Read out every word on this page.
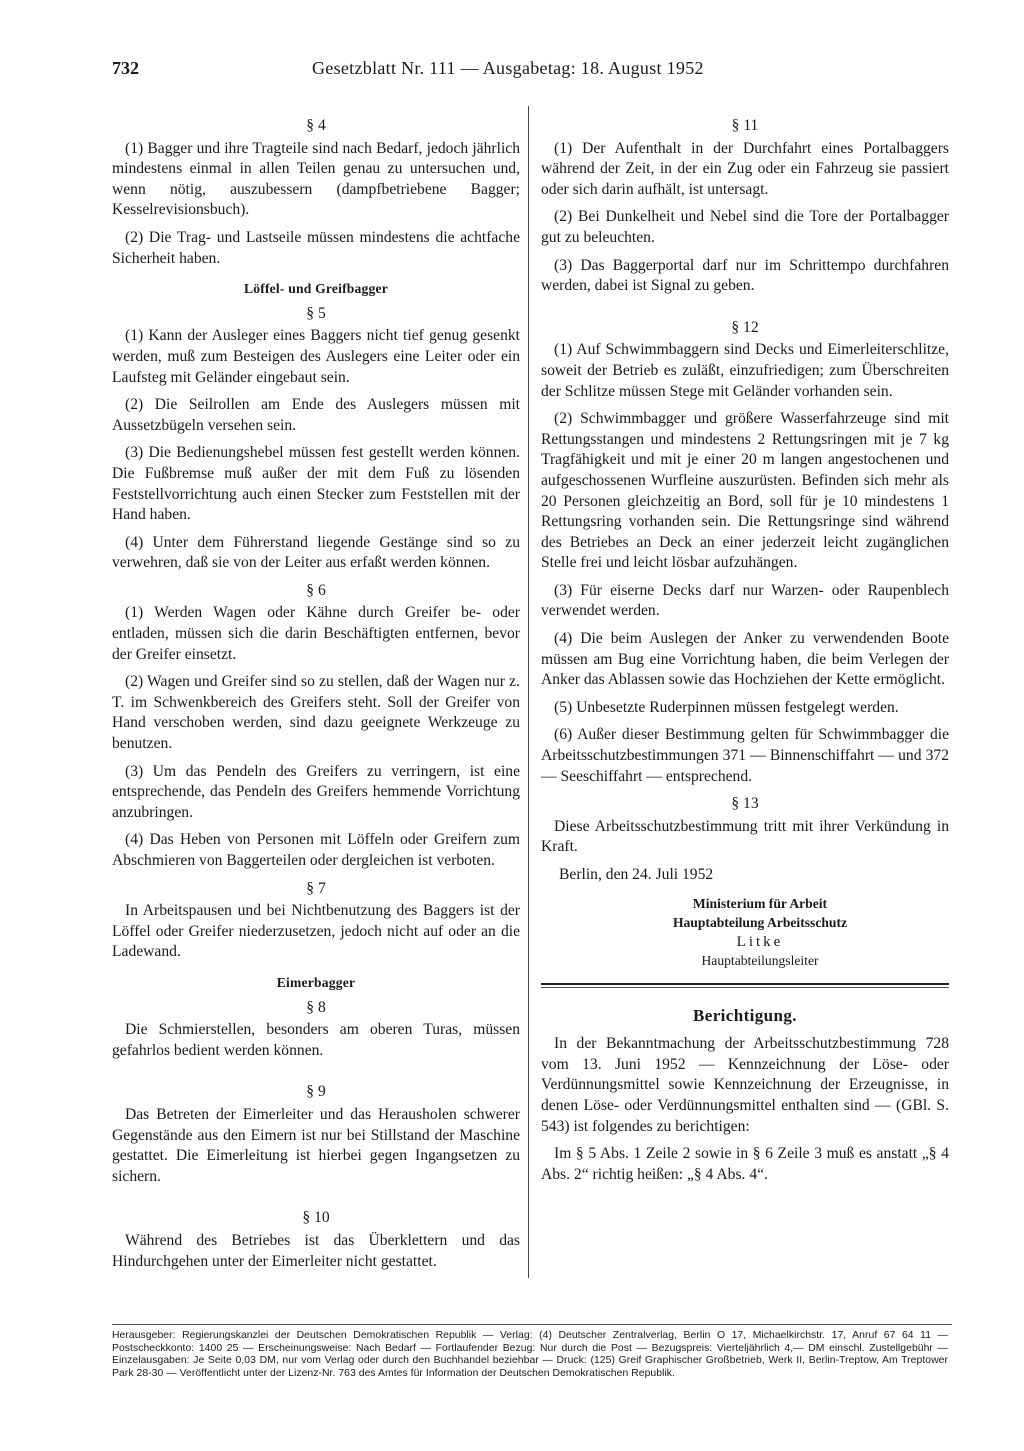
732	Gesetzblatt Nr. 111 — Ausgabetag: 18. August 1952
§ 4

(1) Bagger und ihre Tragteile sind nach Bedarf, jedoch jährlich mindestens einmal in allen Teilen genau zu untersuchen und, wenn nötig, auszubessern (dampfbetriebene Bagger; Kesselrevisionsbuch).

(2) Die Trag- und Lastseile müssen mindestens die achtfache Sicherheit haben.

Löffel- und Greifbagger
§ 5

(1) Kann der Ausleger eines Baggers nicht tief genug gesenkt werden, muß zum Besteigen des Auslegers eine Leiter oder ein Laufsteg mit Geländer eingebaut sein.

(2) Die Seilrollen am Ende des Auslegers müssen mit Aussetzbügeln versehen sein.

(3) Die Bedienungshebel müssen fest gestellt werden können. Die Fußbremse muß außer der mit dem Fuß zu lösenden Feststellvorrichtung auch einen Stecker zum Feststellen mit der Hand haben.

(4) Unter dem Führerstand liegende Gestänge sind so zu verwehren, daß sie von der Leiter aus erfaßt werden können.

§ 6

(1) Werden Wagen oder Kähne durch Greifer be- oder entladen, müssen sich die darin Beschäftigten entfernen, bevor der Greifer einsetzt.

(2) Wagen und Greifer sind so zu stellen, daß der Wagen nur z. T. im Schwenkbereich des Greifers steht. Soll der Greifer von Hand verschoben werden, sind dazu geeignete Werkzeuge zu benutzen.

(3) Um das Pendeln des Greifers zu verringern, ist eine entsprechende, das Pendeln des Greifers hemmende Vorrichtung anzubringen.

(4) Das Heben von Personen mit Löffeln oder Greifern zum Abschmieren von Baggerteilen oder dergleichen ist verboten.

§ 7

In Arbeitspausen und bei Nichtbenutzung des Baggers ist der Löffel oder Greifer niederzusetzen, jedoch nicht auf oder an die Ladewand.

Eimerbagger
§ 8

Die Schmierstellen, besonders am oberen Turas, müssen gefahrlos bedient werden können.

§ 9

Das Betreten der Eimerleiter und das Herausholen schwerer Gegenstände aus den Eimern ist nur bei Stillstand der Maschine gestattet. Die Eimerleitung ist hierbei gegen Ingangsetzen zu sichern.

§ 10

Während des Betriebes ist das Überklettern und das Hindurchgehen unter der Eimerleiter nicht gestattet.

§ 11

(1) Der Aufenthalt in der Durchfahrt eines Portalbaggers während der Zeit, in der ein Zug oder ein Fahrzeug sie passiert oder sich darin aufhält, ist untersagt.

(2) Bei Dunkelheit und Nebel sind die Tore der Portalbagger gut zu beleuchten.

(3) Das Baggerportal darf nur im Schrittempo durchfahren werden, dabei ist Signal zu geben.

§ 12

(1) Auf Schwimmbaggern sind Decks und Eimerleiterschlitze, soweit der Betrieb es zuläßt, einzufriedigen; zum Überschreiten der Schlitze müssen Stege mit Geländer vorhanden sein.

(2) Schwimmbagger und größere Wasserfahrzeuge sind mit Rettungsstangen und mindestens 2 Rettungsringen mit je 7 kg Tragfähigkeit und mit je einer 20 m langen angestochenen und aufgeschossenen Wurfleine auszurüsten. Befinden sich mehr als 20 Personen gleichzeitig an Bord, soll für je 10 mindestens 1 Rettungsring vorhanden sein. Die Rettungsringe sind während des Betriebes an Deck an einer jederzeit leicht zugänglichen Stelle frei und leicht lösbar aufzuhängen.

(3) Für eiserne Decks darf nur Warzen- oder Raupenblech verwendet werden.

(4) Die beim Auslegen der Anker zu verwendenden Boote müssen am Bug eine Vorrichtung haben, die beim Verlegen der Anker das Ablassen sowie das Hochziehen der Kette ermöglicht.

(5) Unbesetzte Ruderpinnen müssen festgelegt werden.

(6) Außer dieser Bestimmung gelten für Schwimmbagger die Arbeitsschutzbestimmungen 371 — Binnenschiffahrt — und 372 — Seeschiffahrt — entsprechend.

§ 13

Diese Arbeitsschutzbestimmung tritt mit ihrer Verkündung in Kraft.

Berlin, den 24. Juli 1952

Ministerium für Arbeit
Hauptabteilung Arbeitsschutz
Litke
Hauptabteilungsleiter
Berichtigung.

In der Bekanntmachung der Arbeitsschutzbestimmung 728 vom 13. Juni 1952 — Kennzeichnung der Löse- oder Verdünnungsmittel sowie Kennzeichnung der Erzeugnisse, in denen Löse- oder Verdünnungsmittel enthalten sind — (GBl. S. 543) ist folgendes zu berichtigen:

Im § 5 Abs. 1 Zeile 2 sowie in § 6 Zeile 3 muß es anstatt „§ 4 Abs. 2“ richtig heißen: „§ 4 Abs. 4“.

Herausgeber: Regierungskanzlei der Deutschen Demokratischen Republik — Verlag: (4) Deutscher Zentralverlag, Berlin O 17, Michaelkirchstr. 17, Anruf 67 64 11 — Postscheckkonto: 1400 25 — Erscheinungsweise: Nach Bedarf — Fortlaufender Bezug: Nur durch die Post — Bezugspreis: Vierteljährlich 4,— DM einschl. Zustellgebühr — Einzelausgaben: Je Seite 0,03 DM, nur vom Verlag oder durch den Buchhandel beziehbar — Druck: (125) Greif Graphischer Großbetrieb, Werk II, Berlin-Treptow, Am Treptower Park 28-30 — Veröffentlicht unter der Lizenz-Nr. 763 des Amtes für Information der Deutschen Demokratischen Republik.
